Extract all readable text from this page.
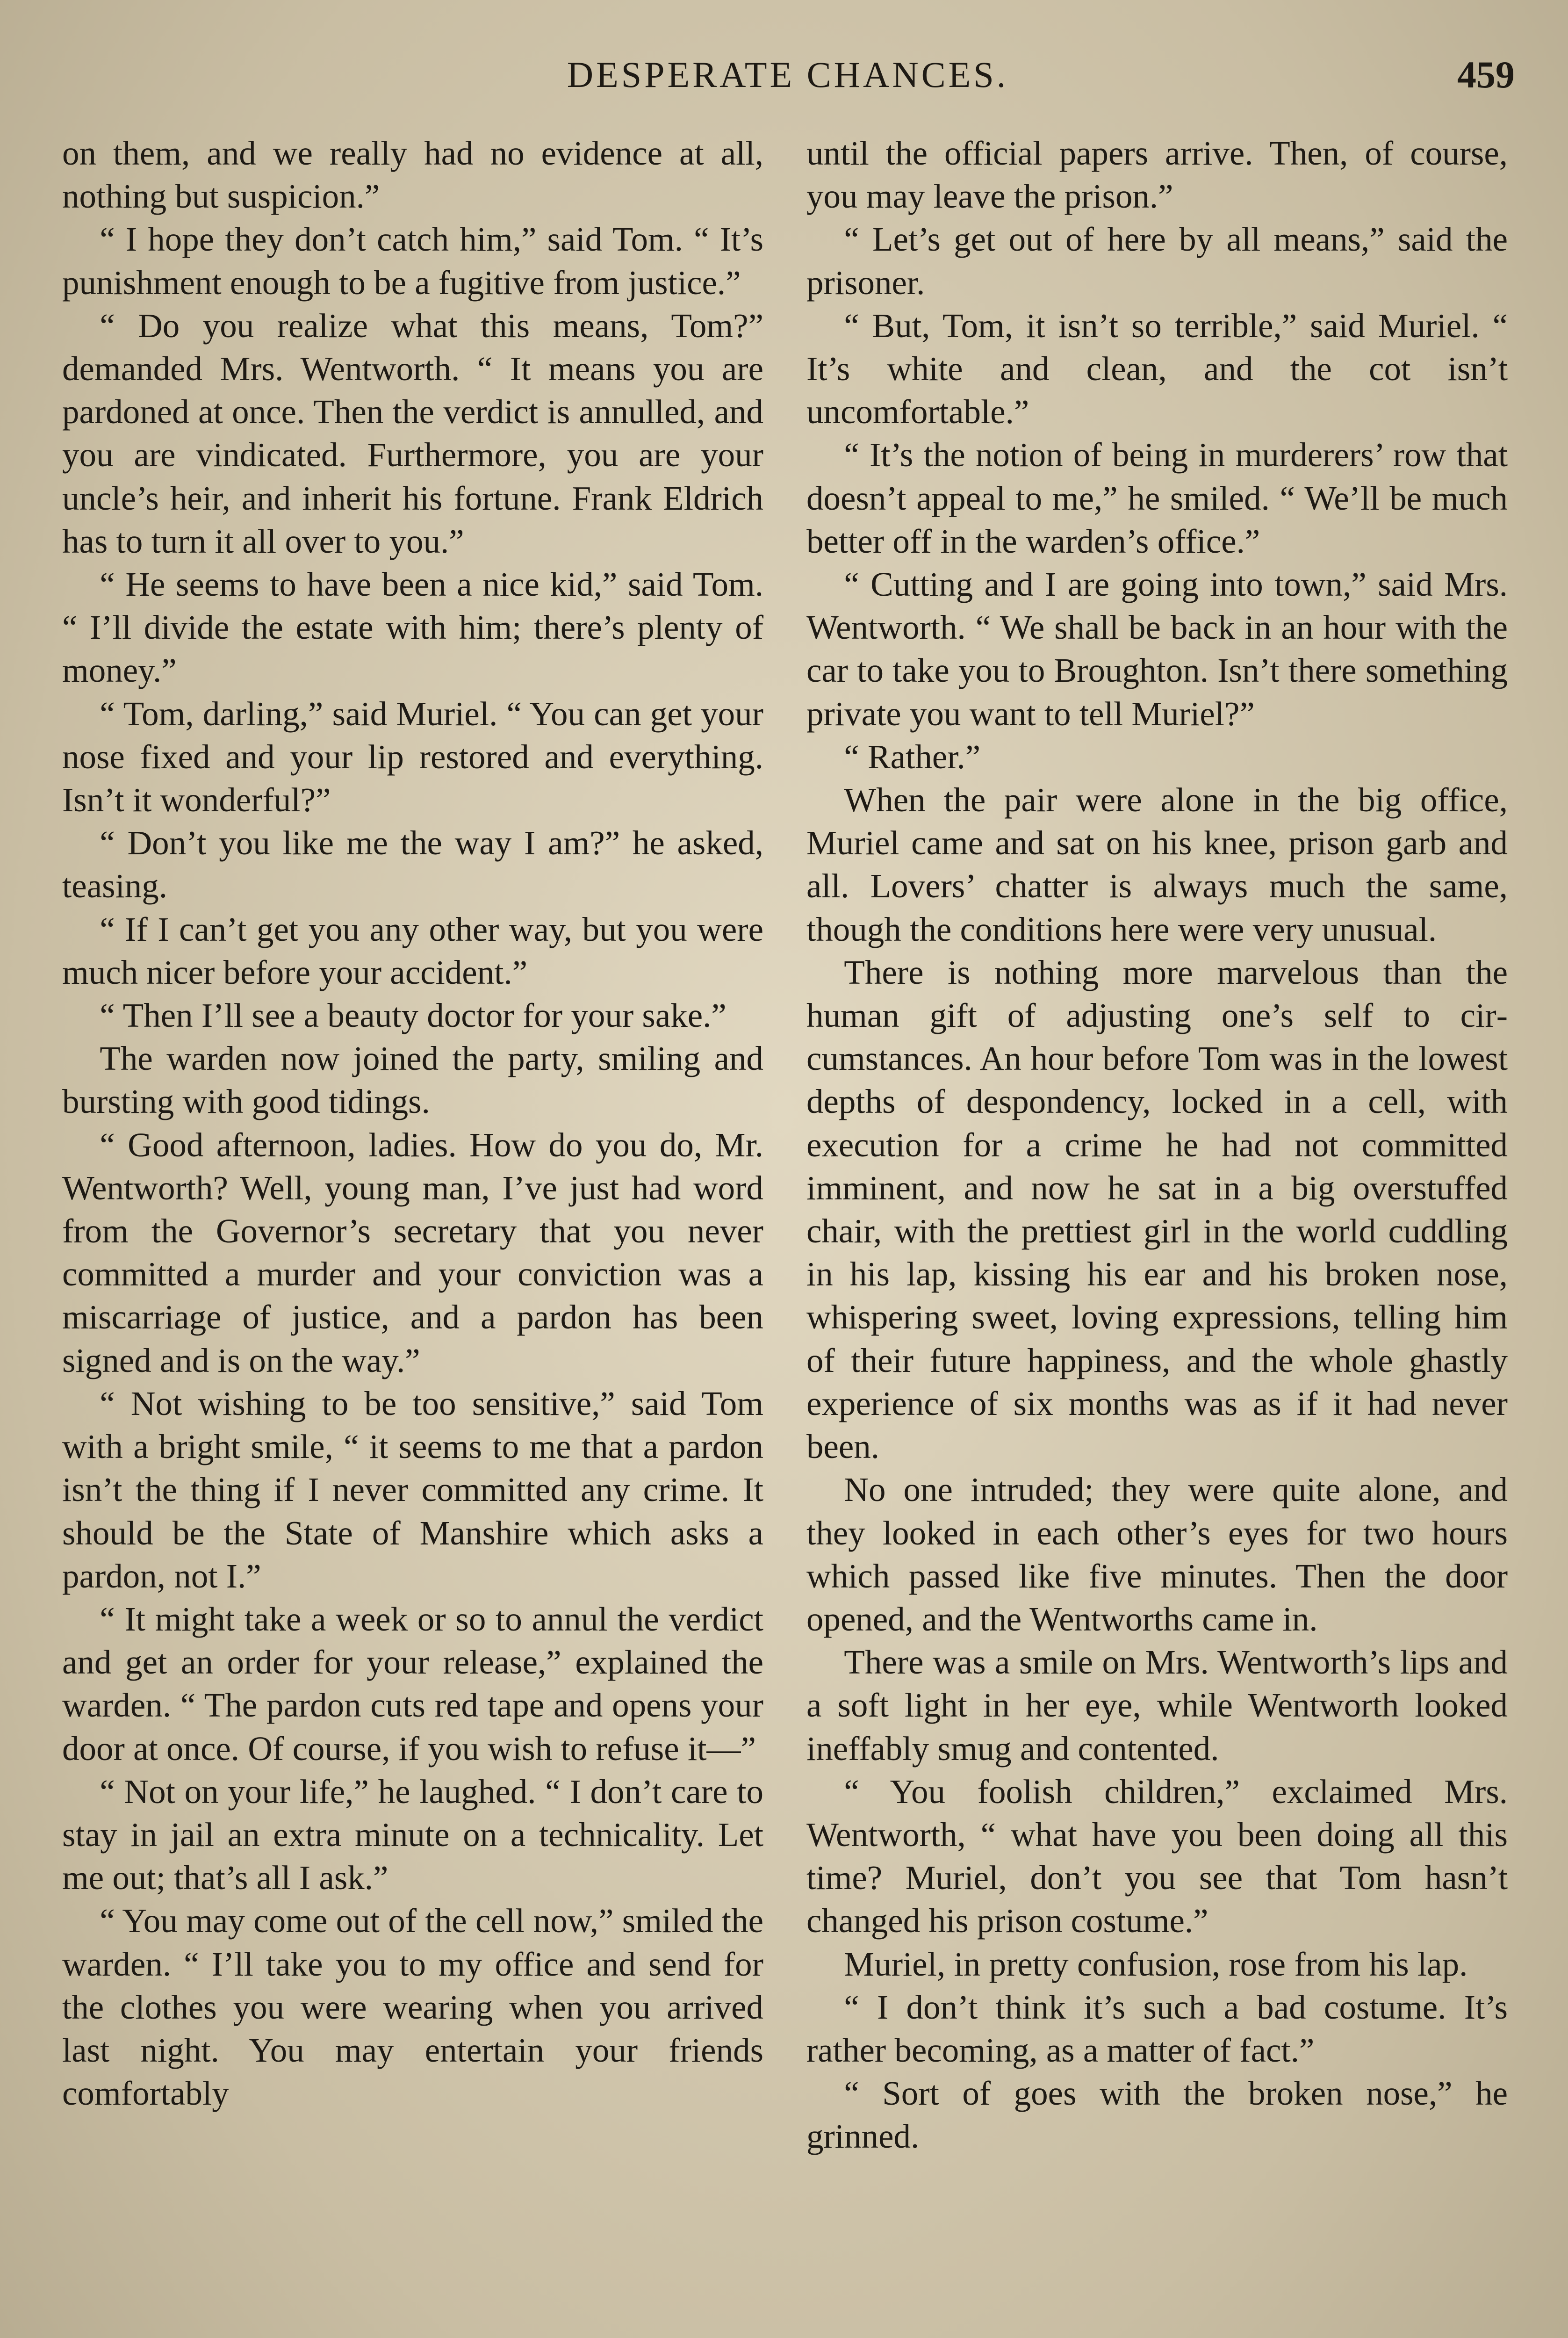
DESPERATE CHANCES.	459

on them, and we really had no evidence at all, nothing but suspicion.”

“ I hope they don’t catch him,” said Tom. “ It’s punishment enough to be a fugitive from justice.”

“ Do you realize what this means, Tom?” demanded Mrs. Wentworth. “ It means you are pardoned at once. Then the verdict is annulled, and you are vindicated. Furthermore, you are your uncle’s heir, and inherit his fortune. Frank Eldrich has to turn it all over to you.”

“ He seems to have been a nice kid,” said Tom. “ I’ll divide the estate with him; there’s plenty of money.”

“ Tom, darling,” said Muriel. “ You can get your nose fixed and your lip restored and everything. Isn’t it wonderful?”

“ Don’t you like me the way I am?” he asked, teasing.

“ If I can’t get you any other way, but you were much nicer before your accident.”

“ Then I’ll see a beauty doctor for your sake.”

The warden now joined the party, smiling and bursting with good tidings.

“ Good afternoon, ladies. How do you do, Mr. Wentworth? Well, young man, I’ve just had word from the Governor’s secretary that you never committed a murder and your conviction was a miscarriage of justice, and a pardon has been signed and is on the way.”

“ Not wishing to be too sensitive,” said Tom with a bright smile, “ it seems to me that a pardon isn’t the thing if I never committed any crime. It should be the State of Manshire which asks a pardon, not I.”

“ It might take a week or so to annul the verdict and get an order for your release,” explained the warden. “ The pardon cuts red tape and opens your door at once. Of course, if you wish to refuse it—”

“ Not on your life,” he laughed. “ I don’t care to stay in jail an extra minute on a technicality. Let me out; that’s all I ask.”

“ You may come out of the cell now,” smiled the warden. “ I’ll take you to my office and send for the clothes you were wearing when you arrived last night. You may entertain your friends comfortably

until the official papers arrive. Then, of course, you may leave the prison.”

“ Let’s get out of here by all means,” said the prisoner.

“ But, Tom, it isn’t so terrible,” said Muriel. “ It’s white and clean, and the cot isn’t uncomfortable.”

“ It’s the notion of being in murderers’ row that doesn’t appeal to me,” he smiled. “ We’ll be much better off in the warden’s office.”

“ Cutting and I are going into town,” said Mrs. Wentworth. “ We shall be back in an hour with the car to take you to Broughton. Isn’t there something private you want to tell Muriel?”

“ Rather.”

When the pair were alone in the big office, Muriel came and sat on his knee, prison garb and all. Lovers’ chatter is always much the same, though the conditions here were very unusual.

There is nothing more marvelous than the human gift of adjusting one’s self to circumstances. An hour before Tom was in the lowest depths of despondency, locked in a cell, with execution for a crime he had not committed imminent, and now he sat in a big overstuffed chair, with the prettiest girl in the world cuddling in his lap, kissing his ear and his broken nose, whispering sweet, loving expressions, telling him of their future happiness, and the whole ghastly experience of six months was as if it had never been.

No one intruded; they were quite alone, and they looked in each other’s eyes for two hours which passed like five minutes. Then the door opened, and the Wentworths came in.

There was a smile on Mrs. Wentworth’s lips and a soft light in her eye, while Wentworth looked ineffably smug and contented.

“ You foolish children,” exclaimed Mrs. Wentworth, “ what have you been doing all this time? Muriel, don’t you see that Tom hasn’t changed his prison costume.”

Muriel, in pretty confusion, rose from his lap.

“ I don’t think it’s such a bad costume. It’s rather becoming, as a matter of fact.”

“ Sort of goes with the broken nose,” he grinned.
